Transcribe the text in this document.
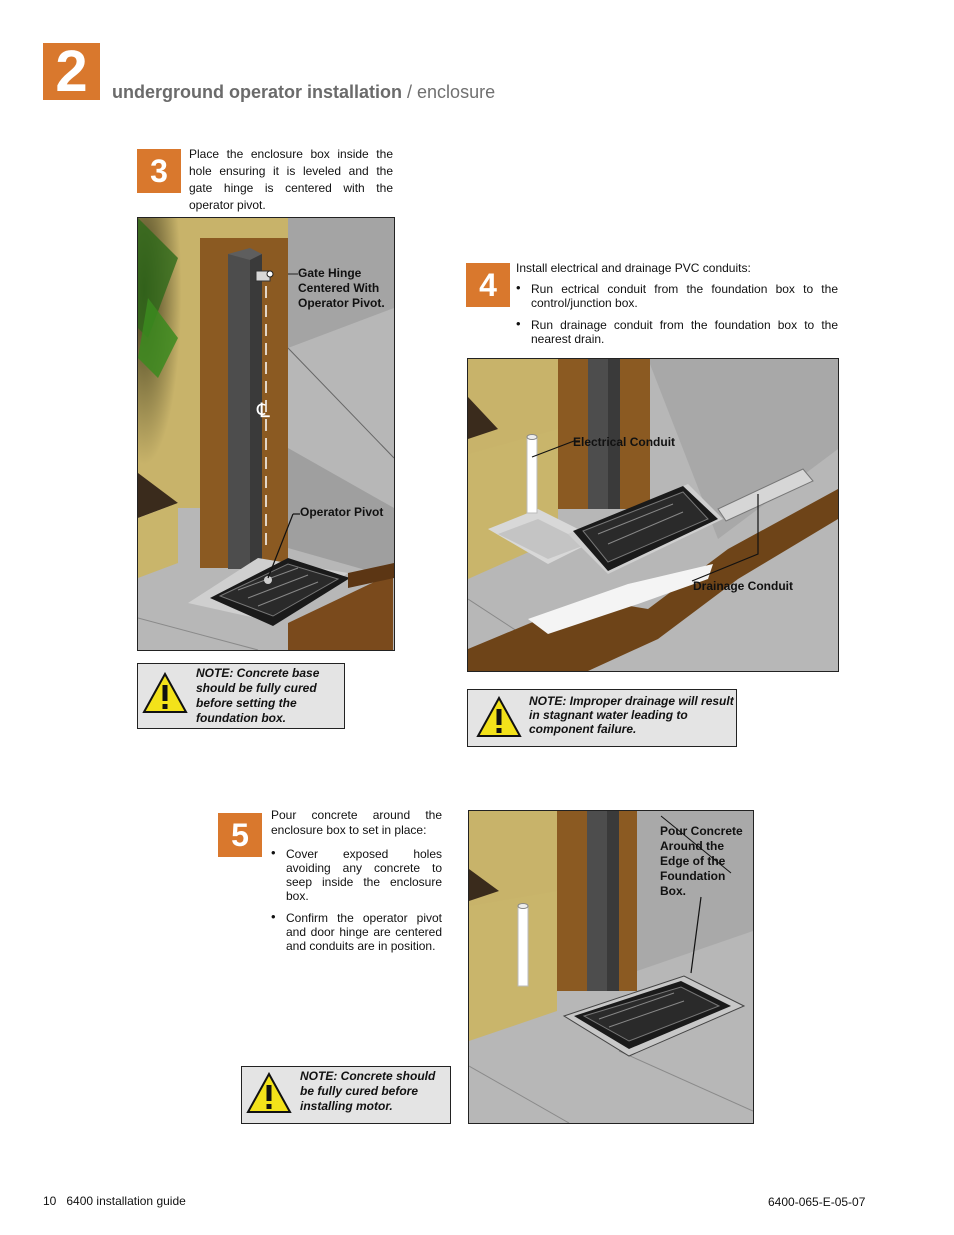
2	underground operator installation / enclosure
3	Place the enclosure box inside the hole ensuring it is leveled and the gate hinge is centered with the operator pivot.
Gate Hinge
Centered With
Operator Pivot.
Operator Pivot
℄
NOTE: Concrete base should be fully cured before setting the foundation box.
4	Install electrical and drainage PVC conduits:
• Run ectrical conduit from the foundation box to the control/junction box.
• Run drainage conduit from the foundation box to the nearest drain.
Electrical Conduit
Drainage Conduit
NOTE: Improper drainage will result in stagnant water leading to component failure.
5
Pour concrete around the enclosure box to set in place:
• Cover exposed holes avoiding any concrete to seep inside the enclosure box.
• Confirm the operator pivot and door hinge are centered and conduits are in position.
Pour Concrete
Around the
Edge of the
Foundation
Box.
NOTE: Concrete should be fully cured before installing motor.
10 6400 installation guide	6400-065-E-05-07
